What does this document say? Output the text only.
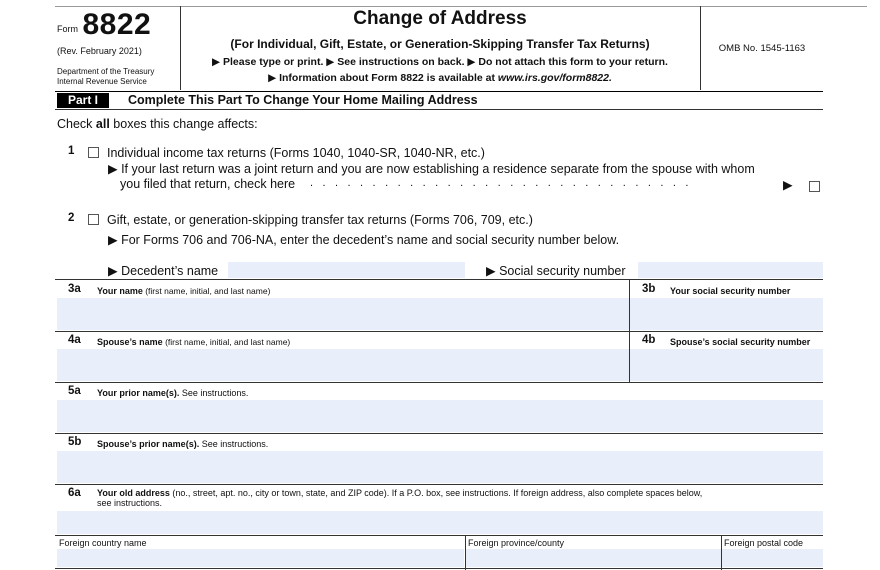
Form 8822
(Rev. February 2021)
Department of the Treasury
Internal Revenue Service
Change of Address
(For Individual, Gift, Estate, or Generation-Skipping Transfer Tax Returns)
▶ Please type or print. ▶ See instructions on back. ▶ Do not attach this form to your return.
▶ Information about Form 8822 is available at www.irs.gov/form8822.
OMB No. 1545-1163
Part I	Complete This Part To Change Your Home Mailing Address
Check all boxes this change affects:
1	Individual income tax returns (Forms 1040, 1040-SR, 1040-NR, etc.)
▶ If your last return was a joint return and you are now establishing a residence separate from the spouse with whom
you filed that return, check here . . . . . . . . . . . . . . . . . . . . . . . . . . . . . . .	▶
2	Gift, estate, or generation-skipping transfer tax returns (Forms 706, 709, etc.)
▶ For Forms 706 and 706-NA, enter the decedent’s name and social security number below.
▶ Decedent’s name	▶ Social security number
3a Your name (first name, initial, and last name)	3b Your social security number
4a Spouse’s name (first name, initial, and last name)	4b Spouse’s social security number
5a Your prior name(s). See instructions.
5b Spouse’s prior name(s). See instructions.
6a Your old address (no., street, apt. no., city or town, state, and ZIP code). If a P.O. box, see instructions. If foreign address, also complete spaces below,
see instructions.
Foreign country name	Foreign province/county	Foreign postal code
